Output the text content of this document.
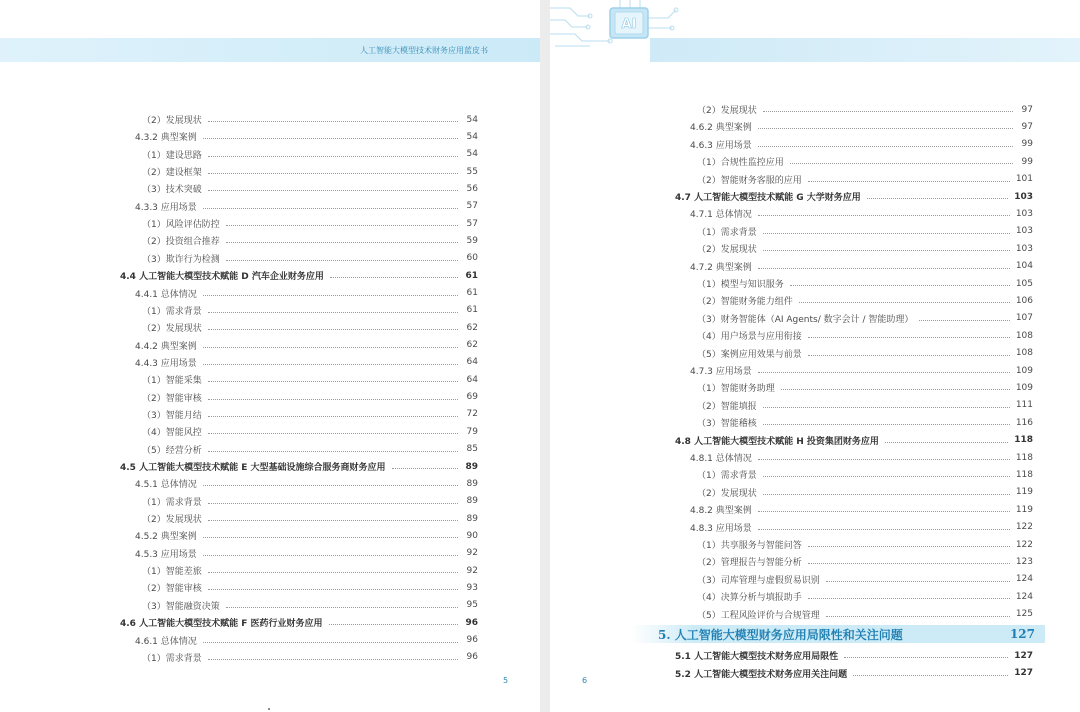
人工智能大模型技术财务应用蓝皮书
（2）发展现状	54
4.3.2 典型案例	54
（1）建设思路	54
（2）建设框架	55
（3）技术突破	56
4.3.3 应用场景	57
（1）风险评估防控	57
（2）投资组合推荐	59
（3）欺诈行为检测	60
4.4 人工智能大模型技术赋能 D 汽车企业财务应用	61
4.4.1 总体情况	61
（1）需求背景	61
（2）发展现状	62
4.4.2 典型案例	62
4.4.3 应用场景	64
（1）智能采集	64
（2）智能审核	69
（3）智能月结	72
（4）智能风控	79
（5）经营分析	85
4.5 人工智能大模型技术赋能 E 大型基础设施综合服务商财务应用	89
4.5.1 总体情况	89
（1）需求背景	89
（2）发展现状	89
4.5.2 典型案例	90
4.5.3 应用场景	92
（1）智能差旅	92
（2）智能审核	93
（3）智能融资决策	95
4.6 人工智能大模型技术赋能 F 医药行业财务应用	96
4.6.1 总体情况	96
（1）需求背景	96
5
AI
（2）发展现状	97
4.6.2 典型案例	97
4.6.3 应用场景	99
（1）合规性监控应用	99
（2）智能财务客服的应用	101
4.7 人工智能大模型技术赋能 G 大学财务应用	103
4.7.1 总体情况	103
（1）需求背景	103
（2）发展现状	103
4.7.2 典型案例	104
（1）模型与知识服务	105
（2）智能财务能力组件	106
（3）财务智能体（AI Agents/ 数字会计 / 智能助理）	107
（4）用户场景与应用衔接	108
（5）案例应用效果与前景	108
4.7.3 应用场景	109
（1）智能财务助理	109
（2）智能填报	111
（3）智能稽核	116
4.8 人工智能大模型技术赋能 H 投资集团财务应用	118
4.8.1 总体情况	118
（1）需求背景	118
（2）发展现状	119
4.8.2 典型案例	119
4.8.3 应用场景	122
（1）共享服务与智能问答	122
（2）管理报告与智能分析	123
（3）司库管理与虚假贸易识别	124
（4）决算分析与填报助手	124
（5）工程风险评价与合规管理	125
5. 人工智能大模型财务应用局限性和关注问题	127
5.1 人工智能大模型技术财务应用局限性	127
5.2 人工智能大模型技术财务应用关注问题	127
6
